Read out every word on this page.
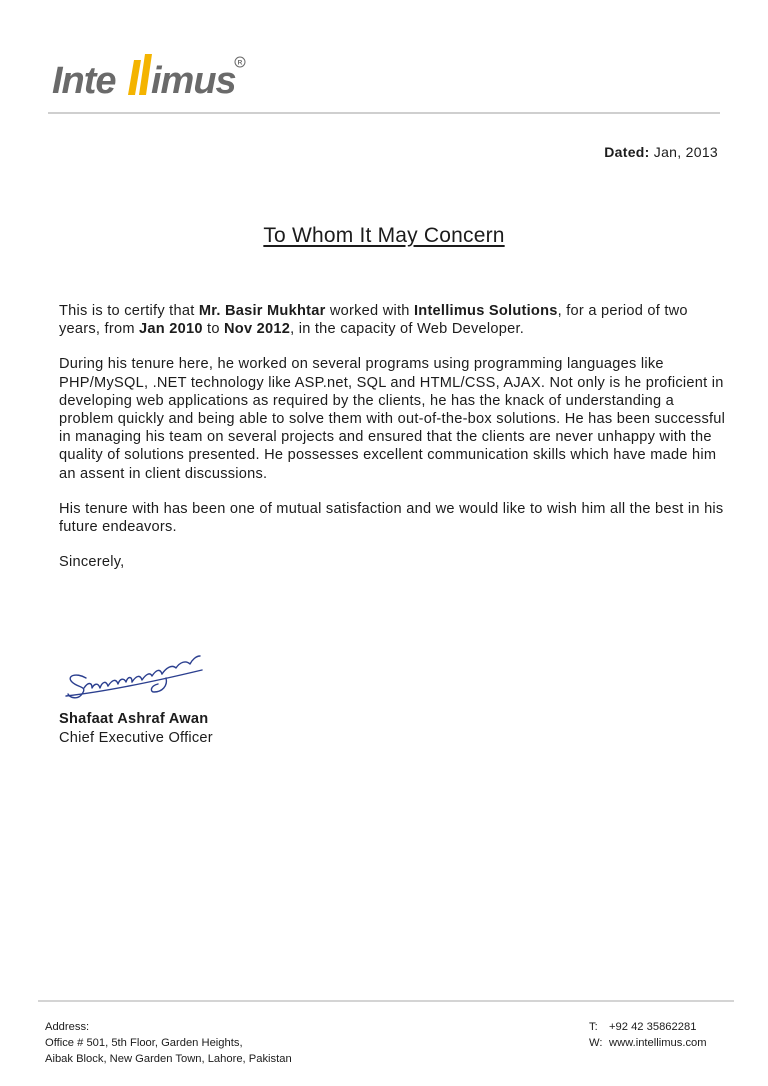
Inte imus R
Dated: Jan, 2013
To Whom It May Concern

This is to certify that Mr. Basir Mukhtar worked with Intellimus Solutions, for a period of two years, from Jan 2010 to Nov 2012, in the capacity of Web Developer.

During his tenure here, he worked on several programs using programming languages like PHP/MySQL, .NET technology like ASP.net, SQL and HTML/CSS, AJAX. Not only is he proficient in developing web applications as required by the clients, he has the knack of understanding a problem quickly and being able to solve them with out-of-the-box solutions. He has been successful in managing his team on several projects and ensured that the clients are never unhappy with the quality of solutions presented. He possesses excellent communication skills which have made him an assent in client discussions.

His tenure with has been one of mutual satisfaction and we would like to wish him all the best in his future endeavors.

Sincerely,

Shafaat Ashraf Awan
Chief Executive Officer
Address:
Office # 501, 5th Floor, Garden Heights,
Aibak Block, New Garden Town, Lahore, Pakistan
T: +92 42 35862281
W: www.intellimus.com
